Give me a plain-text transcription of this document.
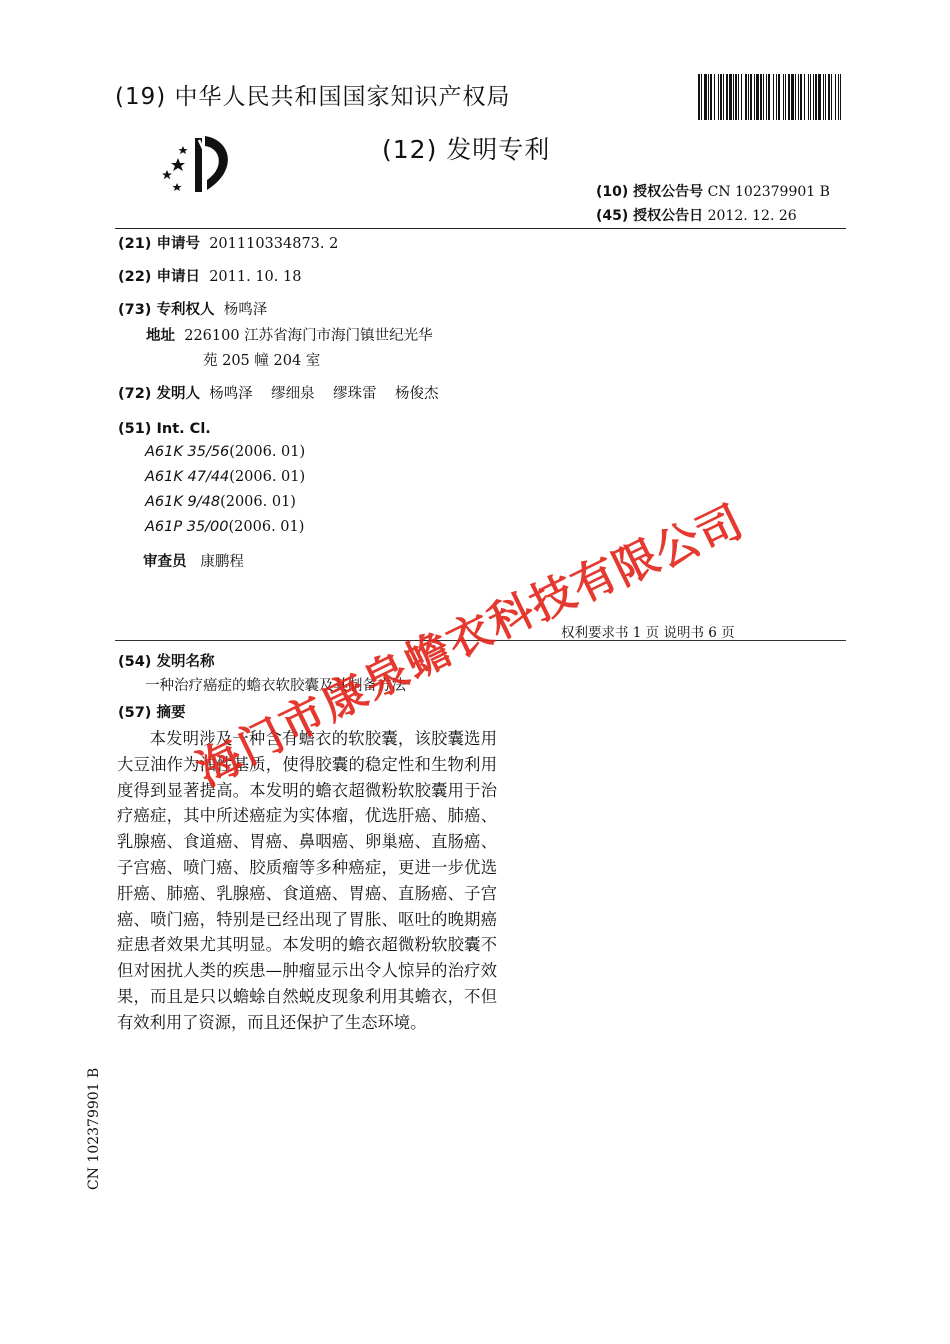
(19) 中华人民共和国国家知识产权局
(12) 发明专利
(10) 授权公告号 CN 102379901 B
(45) 授权公告日 2012. 12. 26
(21) 申请号 201110334873. 2
(22) 申请日 2011. 10. 18
(73) 专利权人 杨鸣泽
地址 226100 江苏省海门市海门镇世纪光华
苑 205 幢 204 室
(72) 发明人 杨鸣泽 缪细泉 缪珠雷 杨俊杰
(51) Int. Cl.
A61K 35/56(2006. 01)
A61K 47/44(2006. 01)
A61K 9/48(2006. 01)
A61P 35/00(2006. 01)
审查员 康鹏程
权利要求书 1 页 说明书 6 页
(54) 发明名称
一种治疗癌症的蟾衣软胶囊及其制备方法
(57) 摘要

本发明涉及一种含有蟾衣的软胶囊，该胶囊选用大豆油作为油性基质，使得胶囊的稳定性和生物利用度得到显著提高。本发明的蟾衣超微粉软胶囊用于治疗癌症，其中所述癌症为实体瘤，优选肝癌、肺癌、乳腺癌、食道癌、胃癌、鼻咽癌、卵巢癌、直肠癌、子宫癌、喷门癌、胶质瘤等多种癌症，更进一步优选肝癌、肺癌、乳腺癌、食道癌、胃癌、直肠癌、子宫癌、喷门癌，特别是已经出现了胃胀、呕吐的晚期癌症患者效果尤其明显。本发明的蟾衣超微粉软胶囊不但对困扰人类的疾患—肿瘤显示出令人惊异的治疗效果，而且是只以蟾蜍自然蜕皮现象利用其蟾衣，不但有效利用了资源，而且还保护了生态环境。

CN 102379901 B
海
门
市
康
泉
蟾
衣
科
技
有
限
公
司
